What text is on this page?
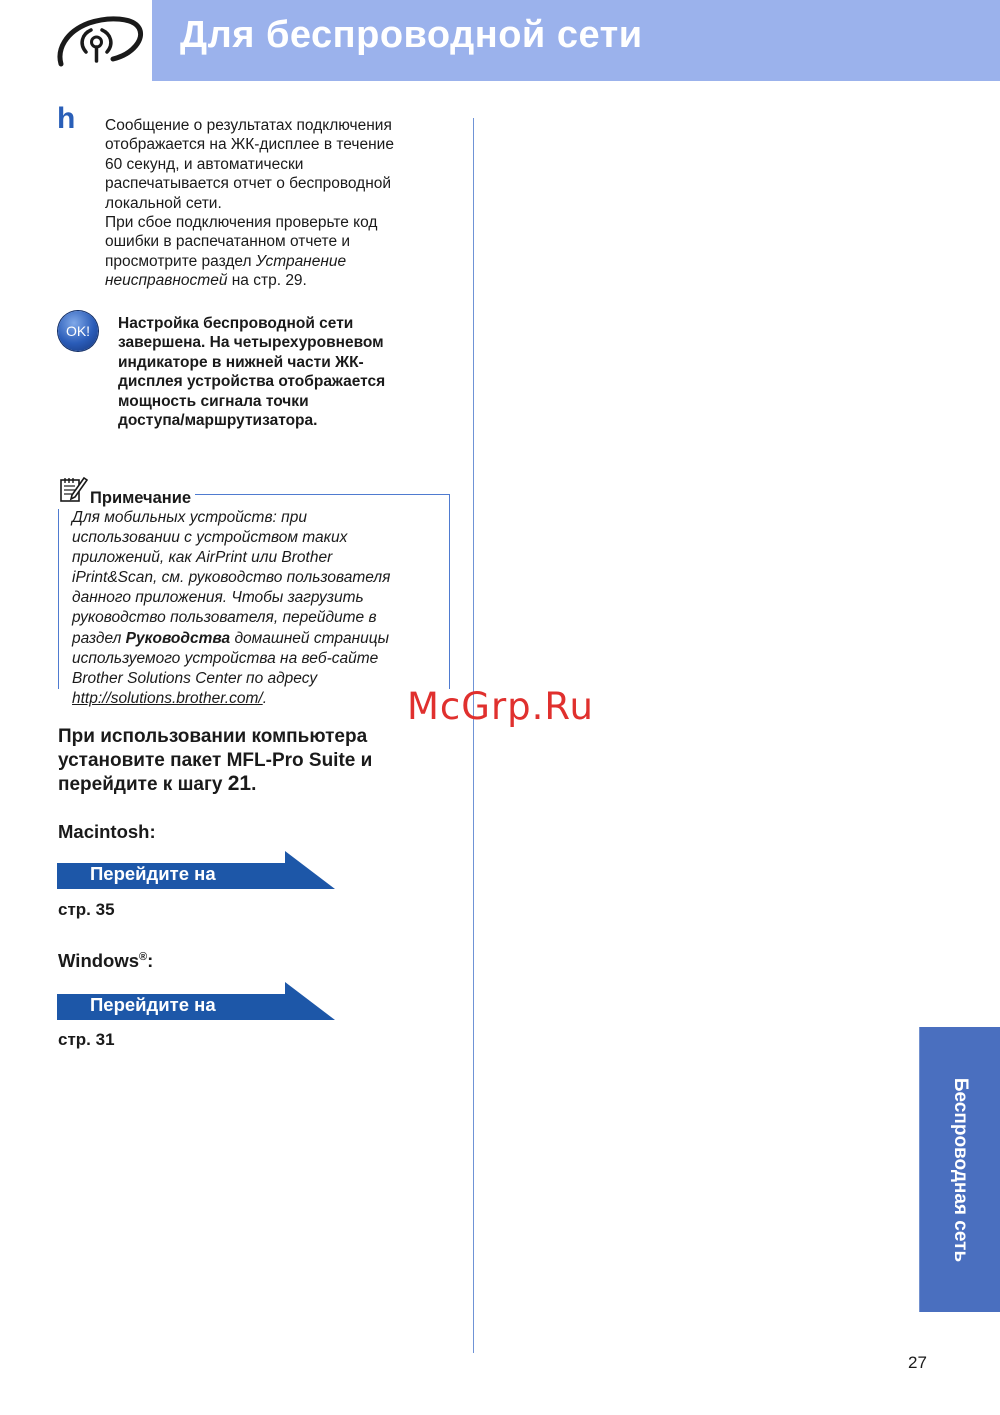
Для беспроводной сети
h Сообщение о результатах подключения
отображается на ЖК-дисплее в течение
60 секунд, и автоматически
распечатывается отчет о беспроводной
локальной сети.
При сбое подключения проверьте код
ошибки в распечатанном отчете и
просмотрите раздел Устранение
неисправностей на стр. 29.
OK! Настройка беспроводной сети
завершена. На четырехуровневом
индикаторе в нижней части ЖК-
дисплея устройства отображается
мощность сигнала точки
доступа/маршрутизатора.
Примечание
Для мобильных устройств: при
использовании с устройством таких
приложений, как AirPrint или Brother
iPrint&Scan, см. руководство пользователя
данного приложения. Чтобы загрузить
руководство пользователя, перейдите в
раздел Руководства домашней страницы
используемого устройства на веб-сайте
Brother Solutions Center по адресу
http://solutions.brother.com/.
При использовании компьютера
установите пакет MFL-Pro Suite и
перейдите к шагу 21.
Macintosh:
Перейдите на
стр. 35
Windows®:
Перейдите на
стр. 31
Беспроводная сеть
McGrp.Ru
27
